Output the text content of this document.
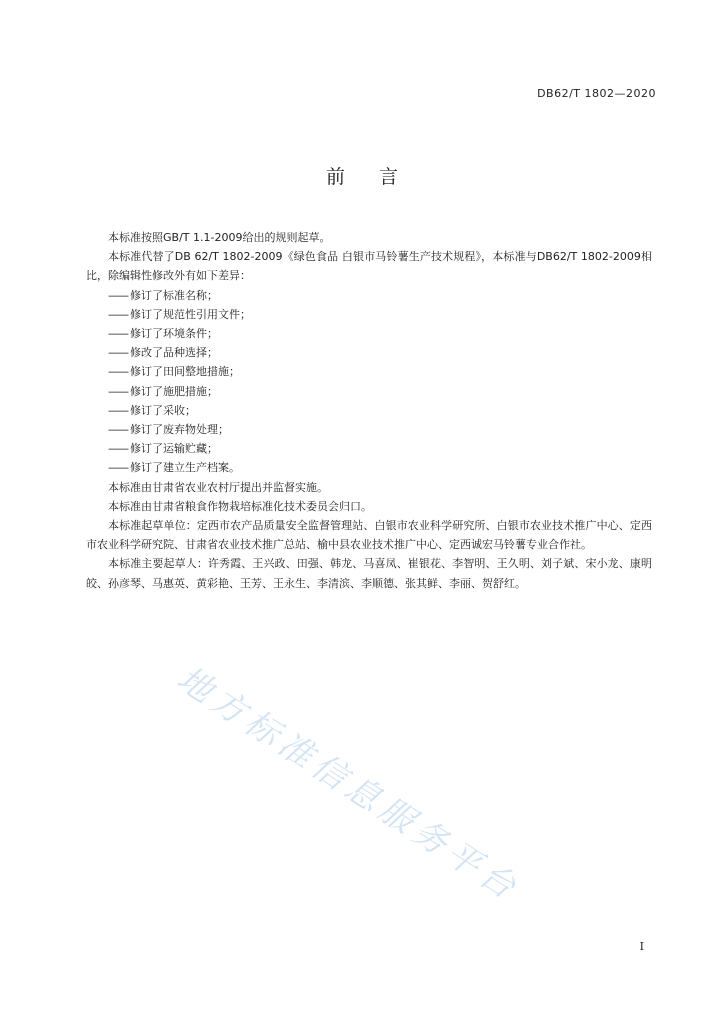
DB62/T 1802—2020
前言

本标准按照GB/T 1.1-2009给出的规则起草。

本标准代替了DB 62/T 1802-2009《绿色食品 白银市马铃薯生产技术规程》，本标准与DB62/T 1802-2009相比，除编辑性修改外有如下差异：

—— 修订了标准名称；

—— 修订了规范性引用文件；

—— 修订了环境条件；

—— 修改了品种选择；

—— 修订了田间整地措施；

—— 修订了施肥措施；

—— 修订了采收；

—— 修订了废弃物处理；

—— 修订了运输贮藏；

—— 修订了建立生产档案。

本标准由甘肃省农业农村厅提出并监督实施。

本标准由甘肃省粮食作物栽培标准化技术委员会归口。

本标准起草单位：定西市农产品质量安全监督管理站、白银市农业科学研究所、白银市农业技术推广中心、定西市农业科学研究院、甘肃省农业技术推广总站、榆中县农业技术推广中心、定西诚宏马铃薯专业合作社。

本标准主要起草人：许秀霞、王兴政、田强、韩龙、马喜凤、崔银花、李智明、王久明、刘子斌、宋小龙、康明皎、孙彦琴、马惠英、黄彩艳、王芳、王永生、李清滨、李顺德、张其鲜、李丽、贺舒红。

地方标准信息服务平台
I
